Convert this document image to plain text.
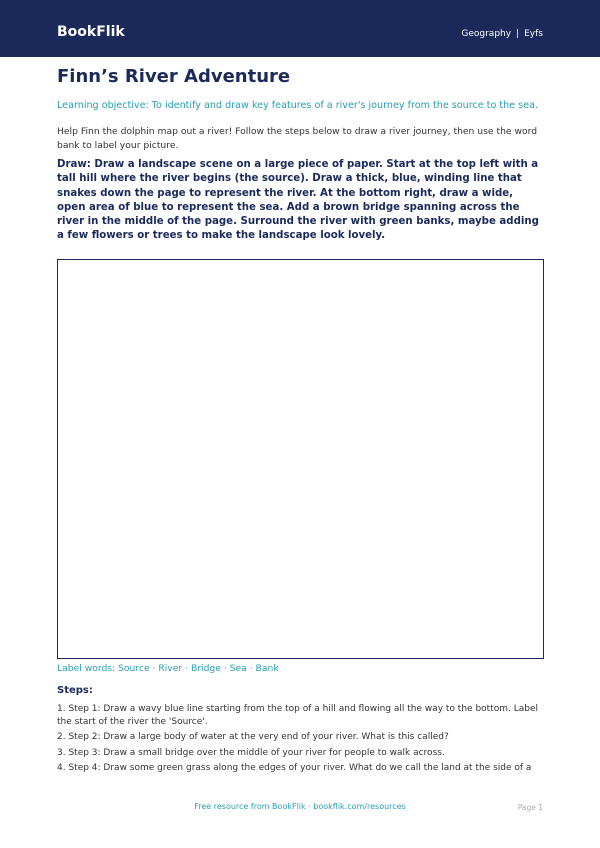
BookFlik	Geography | Eyfs
Finn’s River Adventure

Learning objective: To identify and draw key features of a river's journey from the source to the sea.

Help Finn the dolphin map out a river! Follow the steps below to draw a river journey, then use the word bank to label your picture.

Draw: Draw a landscape scene on a large piece of paper. Start at the top left with a tall hill where the river begins (the source). Draw a thick, blue, winding line that snakes down the page to represent the river. At the bottom right, draw a wide, open area of blue to represent the sea. Add a brown bridge spanning across the river in the middle of the page. Surround the river with green banks, maybe adding a few flowers or trees to make the landscape look lovely.

Label words: Source · River · Bridge · Sea · Bank

Steps:
1. Step 1: Draw a wavy blue line starting from the top of a hill and flowing all the way to the bottom. Label the start of the river the 'Source'.
2. Step 2: Draw a large body of water at the very end of your river. What is this called?
3. Step 3: Draw a small bridge over the middle of your river for people to walk across.
4. Step 4: Draw some green grass along the edges of your river. What do we call the land at the side of a
Free resource from BookFlik · bookflik.com/resources	Page 1
